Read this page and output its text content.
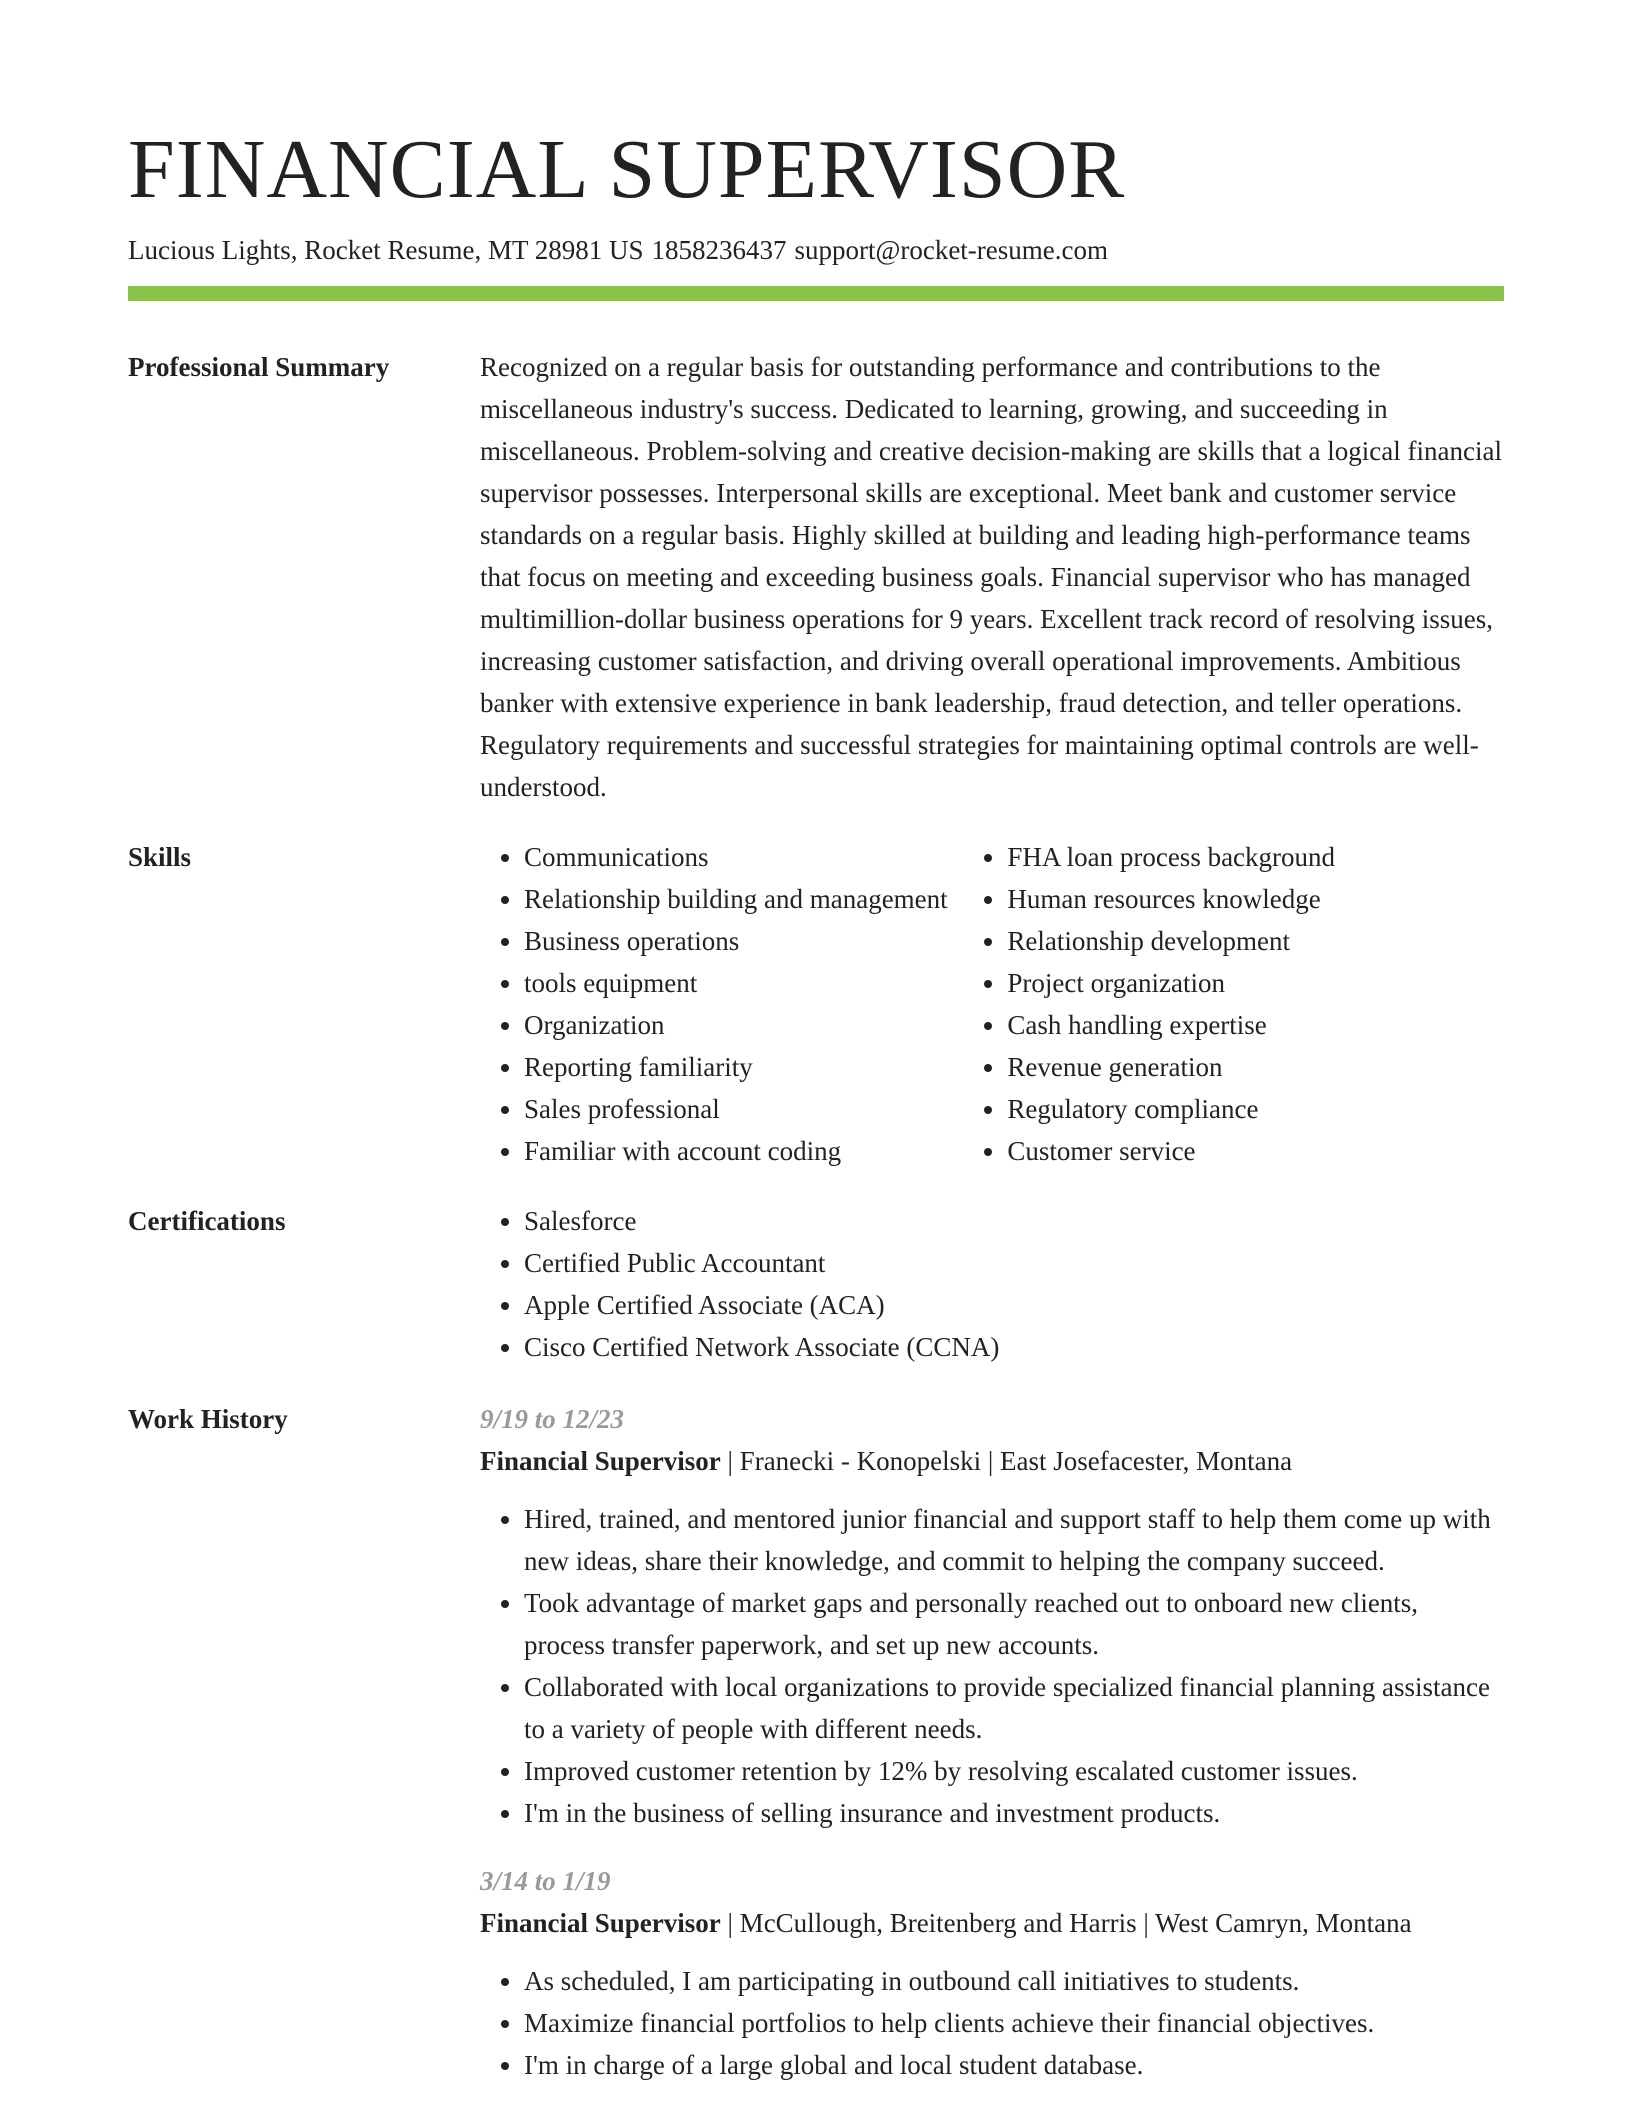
FINANCIAL SUPERVISOR
Lucious Lights, Rocket Resume, MT 28981 US 1858236437 support@rocket-resume.com
Professional Summary	Recognized on a regular basis for outstanding performance and contributions to the miscellaneous industry's success. Dedicated to learning, growing, and succeeding in miscellaneous. Problem-solving and creative decision-making are skills that a logical financial supervisor possesses. Interpersonal skills are exceptional. Meet bank and customer service standards on a regular basis. Highly skilled at building and leading high-performance teams that focus on meeting and exceeding business goals. Financial supervisor who has managed multimillion-dollar business operations for 9 years. Excellent track record of resolving issues, increasing customer satisfaction, and driving overall operational improvements. Ambitious banker with extensive experience in bank leadership, fraud detection, and teller operations. Regulatory requirements and successful strategies for maintaining optimal controls are well-understood.

Skills	• Communications
• Relationship building and management
• Business operations
• tools equipment
• Organization
• Reporting familiarity
• Sales professional
• Familiar with account coding
• FHA loan process background
• Human resources knowledge
• Relationship development
• Project organization
• Cash handling expertise
• Revenue generation
• Regulatory compliance
• Customer service
Certifications	• Salesforce
• Certified Public Accountant
• Apple Certified Associate (ACA)
• Cisco Certified Network Associate (CCNA)
Work History	9/19 to 12/23
Financial Supervisor | Franecki - Konopelski | East Josefacester, Montana
• Hired, trained, and mentored junior financial and support staff to help them come up with new ideas, share their knowledge, and commit to helping the company succeed.
• Took advantage of market gaps and personally reached out to onboard new clients, process transfer paperwork, and set up new accounts.
• Collaborated with local organizations to provide specialized financial planning assistance to a variety of people with different needs.
• Improved customer retention by 12% by resolving escalated customer issues.
• I'm in the business of selling insurance and investment products.
3/14 to 1/19
Financial Supervisor | McCullough, Breitenberg and Harris | West Camryn, Montana
• As scheduled, I am participating in outbound call initiatives to students.
• Maximize financial portfolios to help clients achieve their financial objectives.
• I'm in charge of a large global and local student database.
